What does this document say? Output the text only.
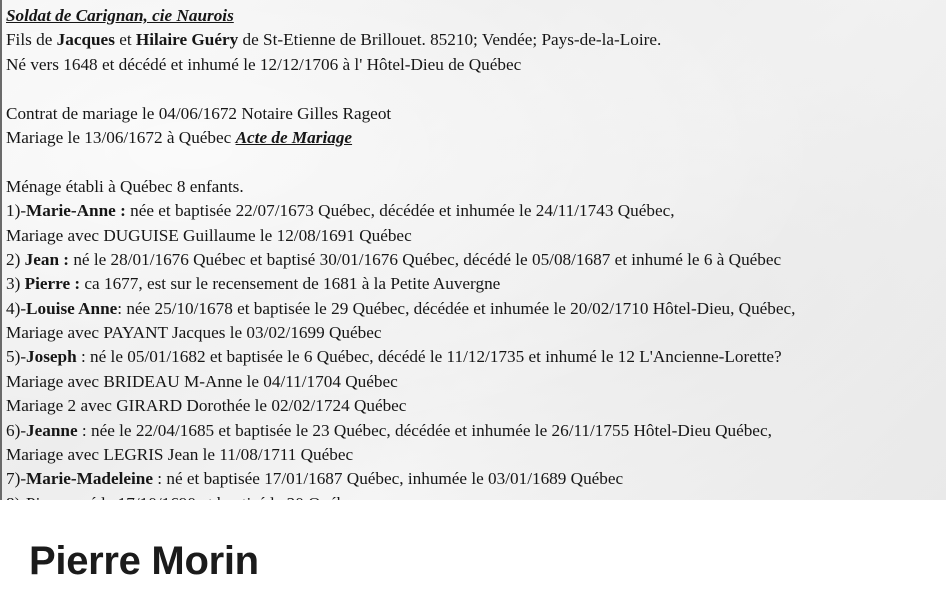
Soldat de Carignan, cie Naurois
Fils de Jacques et Hilaire Guéry de St-Etienne de Brillouet. 85210; Vendée; Pays-de-la-Loire.
Né vers 1648 et décédé et inhumé le 12/12/1706 à l' Hôtel-Dieu de Québec
Contrat de mariage le 04/06/1672 Notaire Gilles Rageot
Mariage le 13/06/1672 à Québec Acte de Mariage
Ménage établi à Québec 8 enfants.
1)-Marie-Anne : née et baptisée 22/07/1673 Québec, décédée et inhumée le 24/11/1743 Québec,
Mariage avec DUGUISE Guillaume le 12/08/1691 Québec
2) Jean : né le 28/01/1676 Québec et baptisé 30/01/1676 Québec, décédé le 05/08/1687 et inhumé le 6 à Québec
3) Pierre : ca 1677, est sur le recensement de 1681 à la Petite Auvergne
4)-Louise Anne: née 25/10/1678 et baptisée le 29 Québec, décédée et inhumée le 20/02/1710 Hôtel-Dieu, Québec,
Mariage avec PAYANT Jacques le 03/02/1699 Québec
5)-Joseph : né le 05/01/1682 et baptisée le 6 Québec, décédé le 11/12/1735 et inhumé le 12 L'Ancienne-Lorette?
Mariage avec BRIDEAU M-Anne le 04/11/1704 Québec
Mariage 2 avec GIRARD Dorothée le 02/02/1724 Québec
6)-Jeanne : née le 22/04/1685 et baptisée le 23 Québec, décédée et inhumée le 26/11/1755 Hôtel-Dieu Québec,
Mariage avec LEGRIS Jean le 11/08/1711 Québec
7)-Marie-Madeleine : né et baptisée 17/01/1687 Québec, inhumée le 03/01/1689 Québec
Pierre Morin
